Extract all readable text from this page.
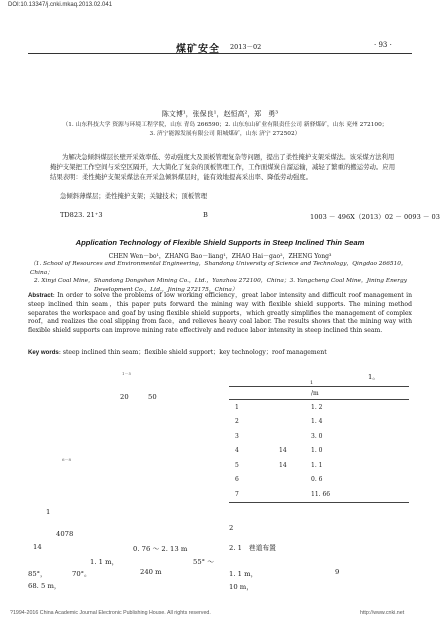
DOI:10.13347/j.cnki.mkaq.2013.02.041
煤矿安全 2013－02	· 93 ·
陈文博¹，张保良¹，赵恒高²，郑　勇³
（1. 山东科技大学 资源与环境工程学院，山东 青岛 266590；2. 山东东山矿业有限责任公司 新驿煤矿，山东 兖州 272100；
3. 济宁能源发展有限公司 阳城煤矿，山东 济宁 272502）
为解决急倾斜煤层长壁开采效率低、劳动强度大及顶板管理复杂等问题，提出了柔性掩护支架采煤法。该采煤方法利用掩护支架把工作空间与采空区隔开，大大简化了复杂的顶板管理工作，工作面煤炭自溜运输，减轻了繁重的搬运劳动。应用结果表明：柔性掩护支架采煤法在开采急倾斜煤层时，能有效地提高采出率、降低劳动强度。
急倾斜薄煤层；柔性掩护支架；关键技术；顶板管理
TD823. 21⁺3	B	1003 － 496X（2013）02 － 0093 － 03
Application Technology of Flexible Shield Supports in Steep Inclined Thin Seam
CHEN Wen－bo¹，ZHANG Bao－liang¹，ZHAO Hai－gao²，ZHENG Yong³
（1. School of Resources and Environmental Engineering，Shandong University of Science and Technology，Qingdao 266510，China；
2. Xinyi Coal Mine，Shandong Dongshan Mining Co.，Ltd.，Yanzhou 272100，China；3. Yangcheng Coal Mine，Jining Energy
Development Co.，Ltd.，Jining 272175，China）
Abstract: In order to solve the problems of low working efficiency，great labor intensity and difficult roof management in steep inclined thin seam，this paper puts forward the mining way with flexible shield supports. The mining method separates the workspace and goaf by using flexible shield supports，which greatly simplifies the management of complex roof，and realizes the coal slipping from face，and relieves heavy coal labor. The results shows that the mining way with flexible shield supports can improve mining rate effectively and reduce labor intensity in steep inclined thin seam.
Key words: steep inclined thin seam；flexible shield support；key technology；roof management
1－5
20	50
6－8
1
4078
14	0. 76 ～ 2. 13 m
1. 1 m，	55° ～
85°，	70°。	240 m
68. 5 m，
1。
1
		/m
1		1. 2
2		1. 4
3		3. 0
4	14	1. 0
5	14	1. 1
6		0. 6
7		11. 66
2
2. 1　巷道布置
1. 1 m，	9
10 m，
?1994-2016 China Academic Journal Electronic Publishing House. All rights reserved.	http://www.cnki.net
